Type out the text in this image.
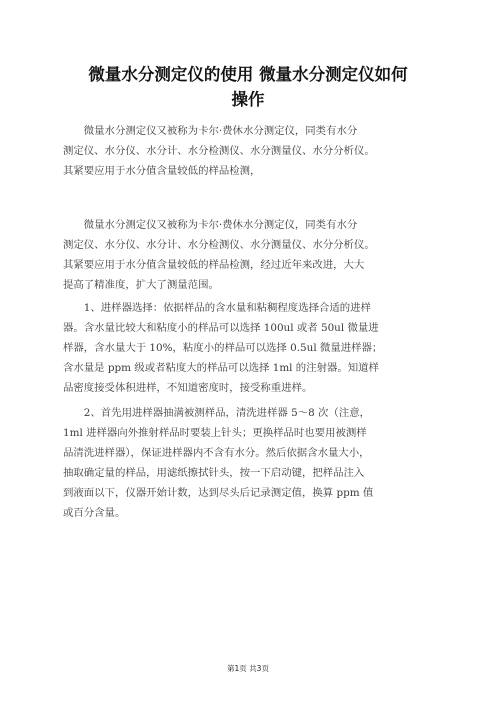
微量水分测定仪的使用 微量水分测定仪如何
操作
　　微量水分测定仪又被称为卡尔·费休水分测定仪，同类有水分
测定仪、水分仪、水分计、水分检测仪、水分测量仪、水分分析仪。
其紧要应用于水分值含量较低的样品检测，
　　微量水分测定仪又被称为卡尔·费休水分测定仪，同类有水分
测定仪、水分仪、水分计、水分检测仪、水分测量仪、水分分析仪。
其紧要应用于水分值含量较低的样品检测，经过近年来改进，大大
提高了精准度，扩大了测量范围。
　　1、进样器选择：依据样品的含水量和粘稠程度选择合适的进样
器。含水量比较大和粘度小的样品可以选择 100ul 或者 50ul 微量进
样器，含水量大于 10%，粘度小的样品可以选择 0.5ul 微量进样器；
含水量是 ppm 级或者粘度大的样品可以选择 1ml 的注射器。知道样
品密度接受体积进样，不知道密度时，接受称重进样。
　　2、首先用进样器抽满被测样品，清洗进样器 5～8 次（注意，
1ml 进样器向外推射样品时要装上针头；更换样品时也要用被测样
品清洗进样器），保证进样器内不含有水分。然后依据含水量大小，
抽取确定量的样品，用滤纸擦拭针头，按一下启动键，把样品注入
到液面以下，仪器开始计数，达到尽头后记录测定值，换算 ppm 值
或百分含量。
第1页 共3页
